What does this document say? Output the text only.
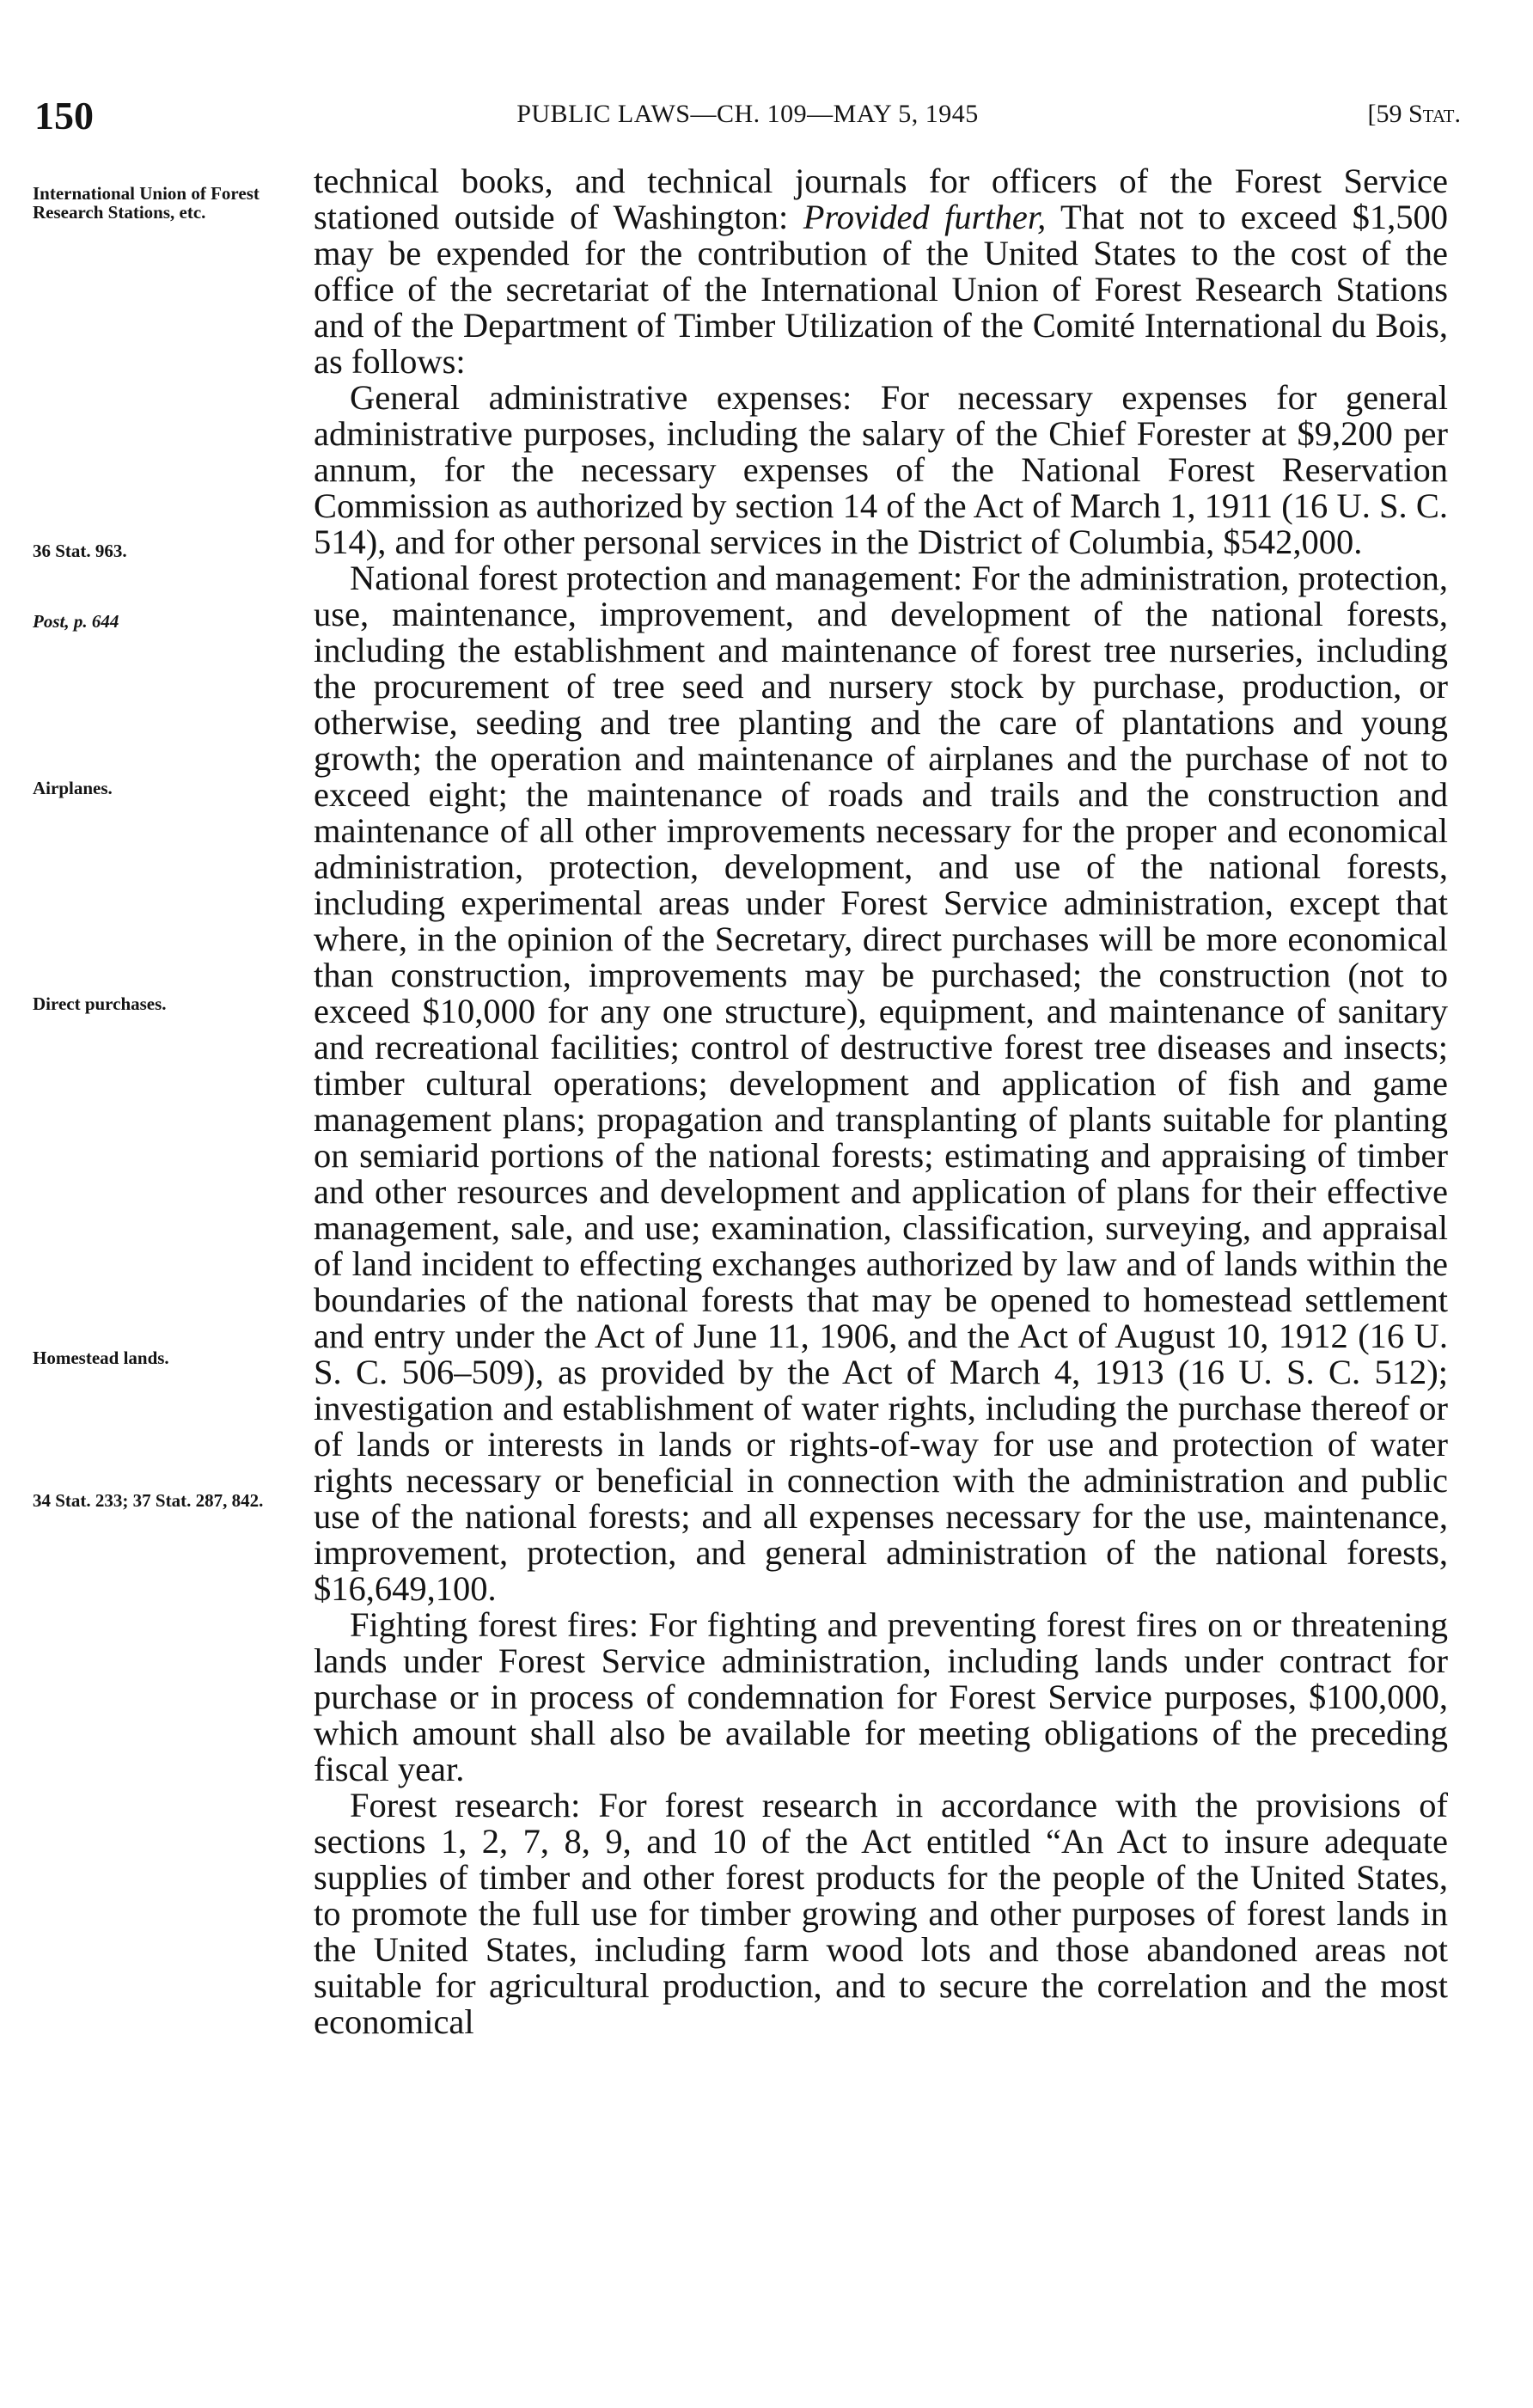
150	PUBLIC LAWS—CH. 109—MAY 5, 1945	[59 Stat.
International Union of Forest Research Stations, etc.
36 Stat. 963.
Post, p. 644
Airplanes.
Direct purchases.
Homestead lands.
34 Stat. 233; 37 Stat. 287, 842.

technical books, and technical journals for officers of the Forest Service stationed outside of Washington: Provided further, That not to exceed $1,500 may be expended for the contribution of the United States to the cost of the office of the secretariat of the International Union of Forest Research Stations and of the Department of Timber Utilization of the Comité International du Bois, as follows:

General administrative expenses: For necessary expenses for general administrative purposes, including the salary of the Chief Forester at $9,200 per annum, for the necessary expenses of the National Forest Reservation Commission as authorized by section 14 of the Act of March 1, 1911 (16 U. S. C. 514), and for other personal services in the District of Columbia, $542,000.

National forest protection and management: For the administration, protection, use, maintenance, improvement, and development of the national forests, including the establishment and maintenance of forest tree nurseries, including the procurement of tree seed and nursery stock by purchase, production, or otherwise, seeding and tree planting and the care of plantations and young growth; the operation and maintenance of airplanes and the purchase of not to exceed eight; the maintenance of roads and trails and the construction and maintenance of all other improvements necessary for the proper and economical administration, protection, development, and use of the national forests, including experimental areas under Forest Service administration, except that where, in the opinion of the Secretary, direct purchases will be more economical than construction, improvements may be purchased; the construction (not to exceed $10,000 for any one structure), equipment, and maintenance of sanitary and recreational facilities; control of destructive forest tree diseases and insects; timber cultural operations; development and application of fish and game management plans; propagation and transplanting of plants suitable for planting on semiarid portions of the national forests; estimating and appraising of timber and other resources and development and application of plans for their effective management, sale, and use; examination, classification, surveying, and appraisal of land incident to effecting exchanges authorized by law and of lands within the boundaries of the national forests that may be opened to homestead settlement and entry under the Act of June 11, 1906, and the Act of August 10, 1912 (16 U. S. C. 506–509), as provided by the Act of March 4, 1913 (16 U. S. C. 512); investigation and establishment of water rights, including the purchase thereof or of lands or interests in lands or rights-of-way for use and protection of water rights necessary or beneficial in connection with the administration and public use of the national forests; and all expenses necessary for the use, maintenance, improvement, protection, and general administration of the national forests, $16,649,100.

Fighting forest fires: For fighting and preventing forest fires on or threatening lands under Forest Service administration, including lands under contract for purchase or in process of condemnation for Forest Service purposes, $100,000, which amount shall also be available for meeting obligations of the preceding fiscal year.

Forest research: For forest research in accordance with the provisions of sections 1, 2, 7, 8, 9, and 10 of the Act entitled “An Act to insure adequate supplies of timber and other forest products for the people of the United States, to promote the full use for timber growing and other purposes of forest lands in the United States, including farm wood lots and those abandoned areas not suitable for agricultural production, and to secure the correlation and the most economical
